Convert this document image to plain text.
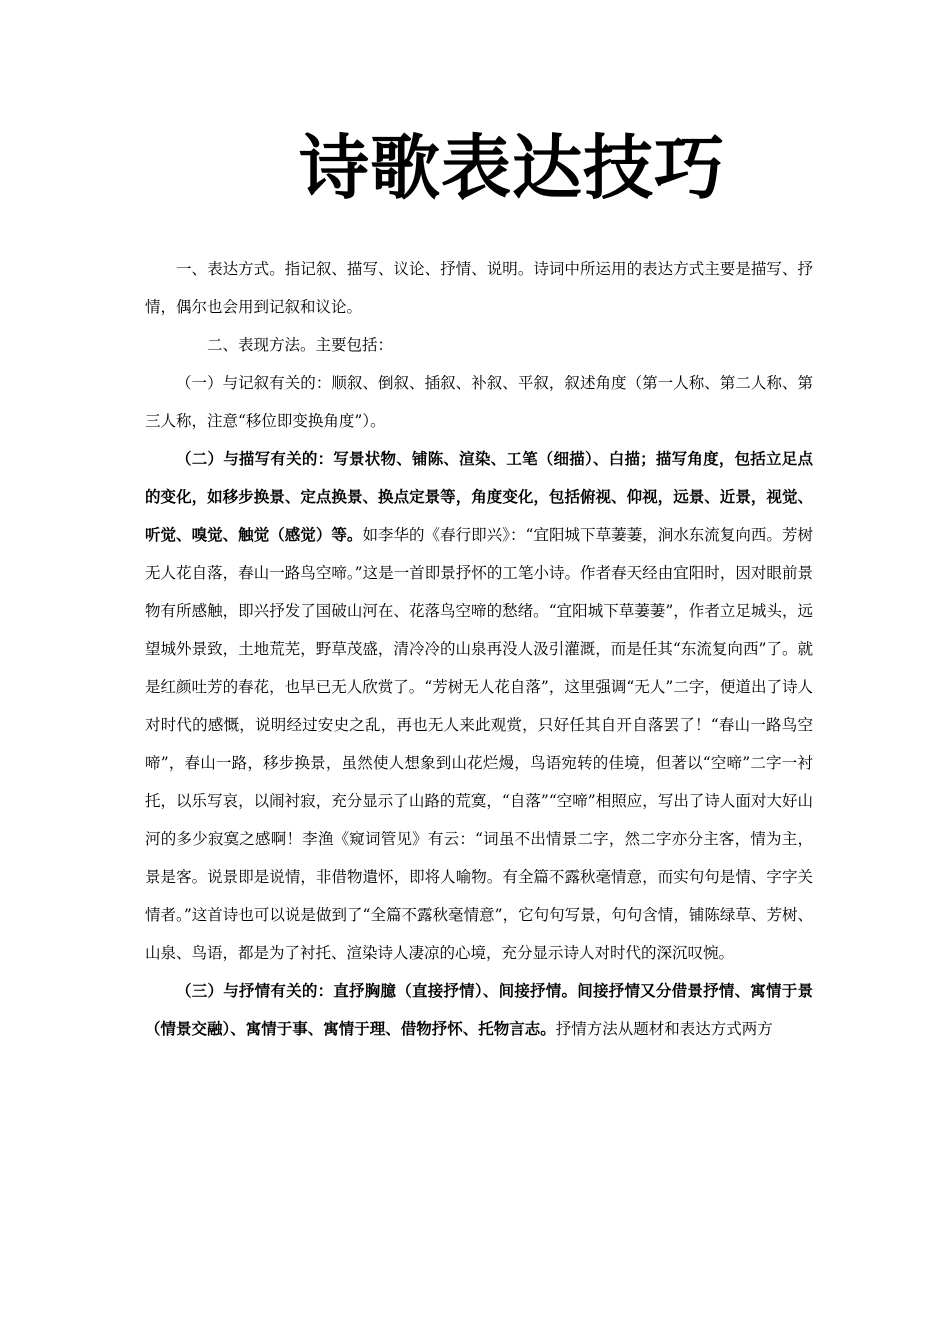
诗歌表达技巧

一、表达方式。指记叙、描写、议论、抒情、说明。诗词中所运用的表达方式主要是描写、抒情，偶尔也会用到记叙和议论。

二、表现方法。主要包括：

（一）与记叙有关的：顺叙、倒叙、插叙、补叙、平叙，叙述角度（第一人称、第二人称、第三人称，注意“移位即变换角度”）。

（二）与描写有关的：写景状物、铺陈、渲染、工笔（细描）、白描；描写角度，包括立足点的变化，如移步换景、定点换景、换点定景等，角度变化，包括俯视、仰视，远景、近景，视觉、听觉、嗅觉、触觉（感觉）等。如李华的《春行即兴》：“宜阳城下草萋萋，涧水东流复向西。芳树无人花自落，春山一路鸟空啼。”这是一首即景抒怀的工笔小诗。作者春天经由宜阳时，因对眼前景物有所感触，即兴抒发了国破山河在、花落鸟空啼的愁绪。“宜阳城下草萋萋”，作者立足城头，远望城外景致，土地荒芜，野草茂盛，清冷冷的山泉再没人汲引灌溉，而是任其“东流复向西”了。就是红颜吐芳的春花，也早已无人欣赏了。“芳树无人花自落”，这里强调“无人”二字，便道出了诗人对时代的感慨，说明经过安史之乱，再也无人来此观赏，只好任其自开自落罢了！“春山一路鸟空啼”，春山一路，移步换景，虽然使人想象到山花烂熳，鸟语宛转的佳境，但著以“空啼”二字一衬托，以乐写哀，以闹衬寂，充分显示了山路的荒寞，“自落”“空啼”相照应，写出了诗人面对大好山河的多少寂寞之感啊！李渔《窥词管见》有云：“词虽不出情景二字，然二字亦分主客，情为主，景是客。说景即是说情，非借物遣怀，即将人喻物。有全篇不露秋毫情意，而实句句是情、字字关情者。”这首诗也可以说是做到了“全篇不露秋毫情意”，它句句写景，句句含情，铺陈绿草、芳树、山泉、鸟语，都是为了衬托、渲染诗人凄凉的心境，充分显示诗人对时代的深沉叹惋。

（三）与抒情有关的：直抒胸臆（直接抒情）、间接抒情。间接抒情又分借景抒情、寓情于景（情景交融）、寓情于事、寓情于理、借物抒怀、托物言志。抒情方法从题材和表达方式两方
